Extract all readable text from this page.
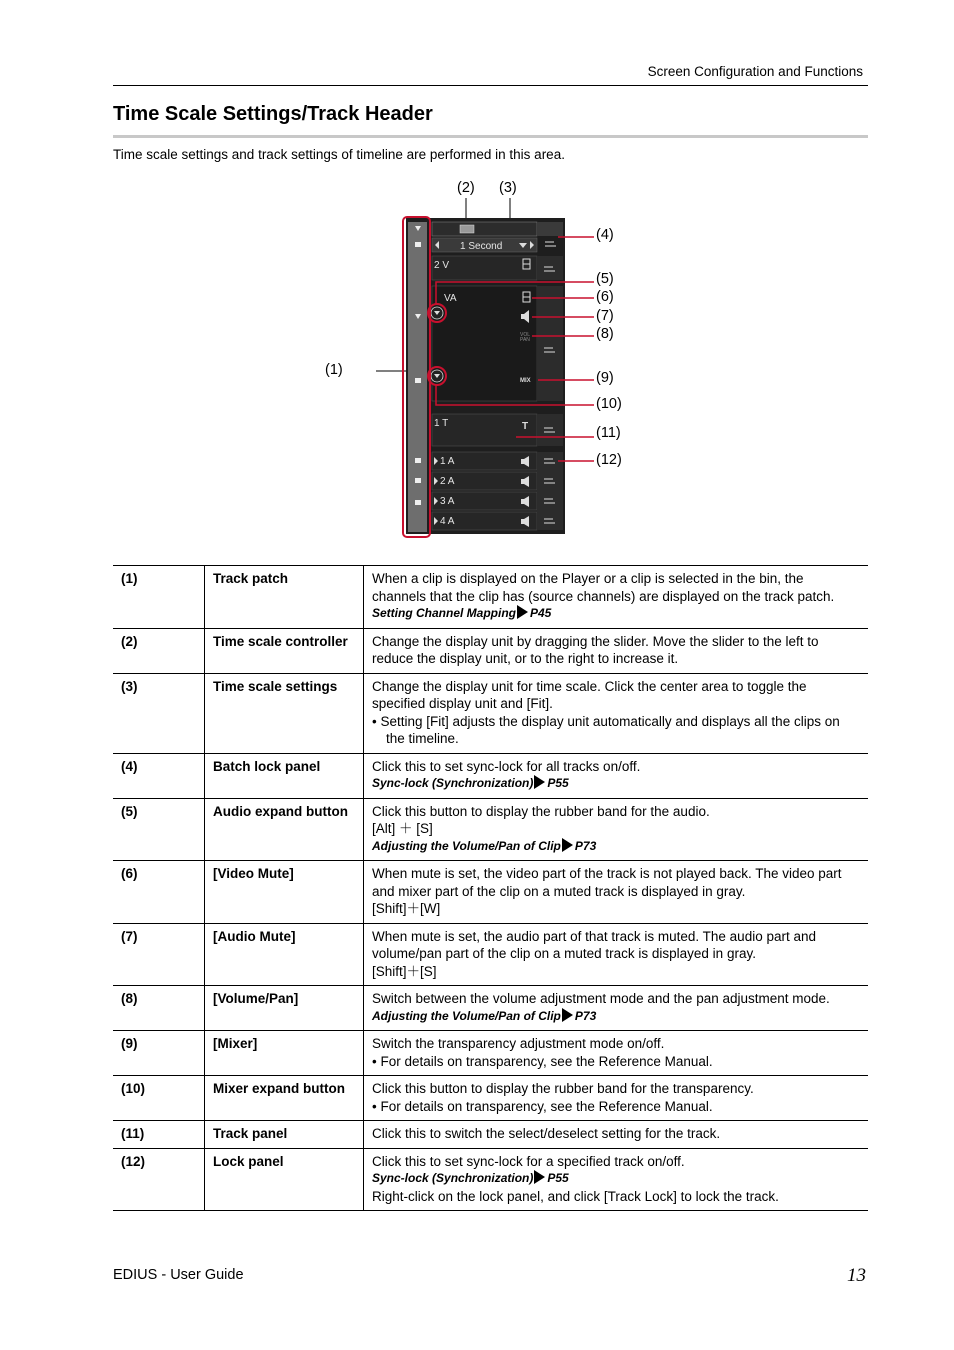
Screen Configuration and Functions
Time Scale Settings/Track Header
Time scale settings and track settings of timeline are performed in this area.
(1)
(2) (3)
(4)
(5)
(6)
(7)
(8)
(9)
(10)
(11)
(12)
1 Second
2 V
VA
VOL
PAN
MIX
1 T	T
1 A
2 A
3 A
4 A
(1)	Track patch	When a clip is displayed on the Player or a clip is selected in the bin, the channels that the clip has (source channels) are displayed on the track patch.
Setting Channel Mapping P45

(2)	Time scale controller	Change the display unit by dragging the slider. Move the slider to the left to reduce the display unit, or to the right to increase it.

(3)	Time scale settings	Change the display unit for time scale. Click the center area to toggle the specified display unit and [Fit].
• Setting [Fit] adjusts the display unit automatically and displays all the clips on the timeline.

(4)	Batch lock panel	Click this to set sync-lock for all tracks on/off.
Sync-lock (Synchronization) P55

(5)	Audio expand button	Click this button to display the rubber band for the audio.
[Alt] ＋ [S]
Adjusting the Volume/Pan of Clip P73

(6)	[Video Mute]	When mute is set, the video part of the track is not played back. The video part and mixer part of the clip on a muted track is displayed in gray.
[Shift]＋[W]

(7)	[Audio Mute]	When mute is set, the audio part of that track is muted. The audio part and volume/pan part of the clip on a muted track is displayed in gray.
[Shift]＋[S]

(8)	[Volume/Pan]	Switch between the volume adjustment mode and the pan adjustment mode.
Adjusting the Volume/Pan of Clip P73

(9)	[Mixer]	Switch the transparency adjustment mode on/off.
• For details on transparency, see the Reference Manual.

(10)	Mixer expand button	Click this button to display the rubber band for the transparency.
• For details on transparency, see the Reference Manual.

(11)	Track panel	Click this to switch the select/deselect setting for the track.

(12)	Lock panel	Click this to set sync-lock for a specified track on/off.
Sync-lock (Synchronization) P55
Right-click on the lock panel, and click [Track Lock] to lock the track.
EDIUS - User Guide	13
